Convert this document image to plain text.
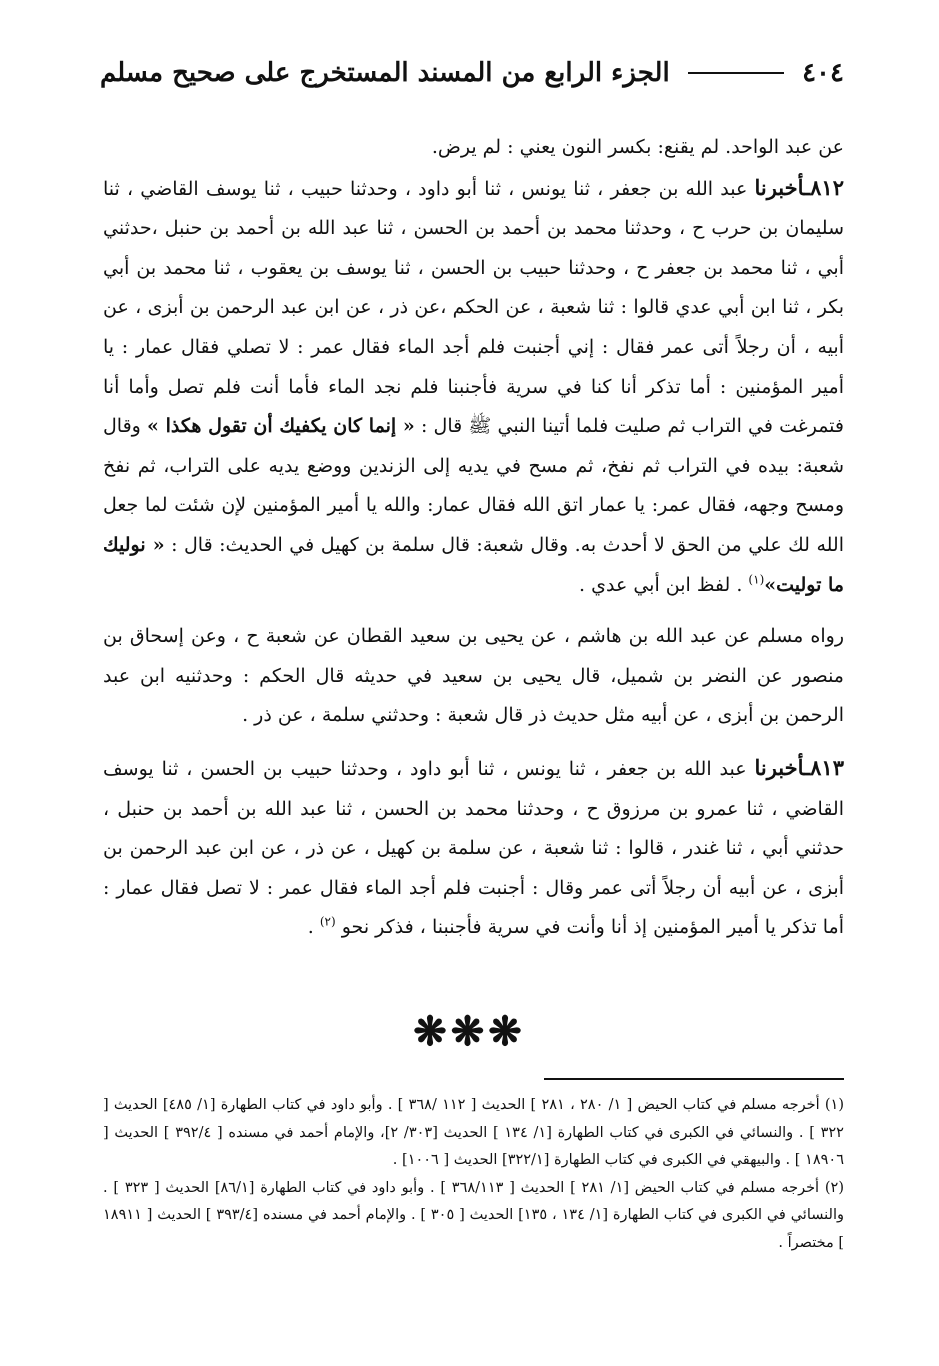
٤٠٤
الجزء الرابع من المسند المستخرج على صحيح مسلم

عن عبد الواحد. لم يقنع: بكسر النون يعني : لم يرض.

٨١٢ـأخبرنا عبد الله بن جعفر ، ثنا يونس ، ثنا أبو داود ، وحدثنا حبيب ، ثنا يوسف القاضي ، ثنا سليمان بن حرب ح ، وحدثنا محمد بن أحمد بن الحسن ، ثنا عبد الله بن أحمد بن حنبل ،حدثني أبي ، ثنا محمد بن جعفر ح ، وحدثنا حبيب بن الحسن ، ثنا يوسف بن يعقوب ، ثنا محمد بن أبي بكر ، ثنا ابن أبي عدي قالوا : ثنا شعبة ، عن الحكم ،عن ذر ، عن ابن عبد الرحمن بن أبزى ، عن أبيه ، أن رجلاً أتى عمر فقال : إني أجنبت فلم أجد الماء فقال عمر : لا تصلي فقال عمار : يا أمير المؤمنين : أما تذكر أنا كنا في سرية فأجنبنا فلم نجد الماء فأما أنت فلم تصل وأما أنا فتمرغت في التراب ثم صليت فلما أتينا النبي ﷺ قال : « إنما كان يكفيك أن تقول هكذا » وقال شعبة: بيده في التراب ثم نفخ، ثم مسح في يديه إلى الزندين ووضع يديه على التراب، ثم نفخ ومسح وجهه، فقال عمر: يا عمار اتق الله فقال عمار: والله يا أمير المؤمنين لإن شئت لما جعل الله لك علي من الحق لا أحدث به. وقال شعبة: قال سلمة بن كهيل في الحديث: قال : « نوليك ما توليت»$^{(١)}$ . لفظ ابن أبي عدي .

رواه مسلم عن عبد الله بن هاشم ، عن يحيى بن سعيد القطان عن شعبة ح ، وعن إسحاق بن منصور عن النضر بن شميل، قال يحيى بن سعيد في حديثه قال الحكم : وحدثنيه ابن عبد الرحمن بن أبزى ، عن أبيه مثل حديث ذر قال شعبة : وحدثني سلمة ، عن ذر .

٨١٣ـأخبرنا عبد الله بن جعفر ، ثنا يونس ، ثنا أبو داود ، وحدثنا حبيب بن الحسن ، ثنا يوسف القاضي ، ثنا عمرو بن مرزوق ح ، وحدثنا محمد بن الحسن ، ثنا عبد الله بن أحمد بن حنبل ، حدثني أبي ، ثنا غندر ، قالوا : ثنا شعبة ، عن سلمة بن كهيل ، عن ذر ، عن ابن عبد الرحمن بن أبزى ، عن أبيه أن رجلاً أتى عمر وقال : أجنبت فلم أجد الماء فقال عمر : لا تصل فقال عمار : أما تذكر يا أمير المؤمنين إذ أنا وأنت في سرية فأجنبنا ، فذكر نحو $^{(٢)}$ .

❋❋❋

(١) أخرجه مسلم في كتاب الحيض [ ١/ ٢٨٠ ، ٢٨١ ] الحديث [ ١١٢ /٣٦٨ ] . وأبو داود في كتاب الطهارة [١/ ٤٨٥] الحديث [ ٣٢٢ ] . والنسائي في الكبرى في كتاب الطهارة [١/ ١٣٤ ] الحديث [٣٠٣/ ٢]، والإمام أحمد في مسنده [ ٣٩٢/٤ ] الحديث [ ١٨٩٠٦ ] . والبيهقي في الكبرى في كتاب الطهارة [٣٢٢/١] الحديث [ ١٠٠٦] .

(٢) أخرجه مسلم في كتاب الحيض [١/ ٢٨١ ] الحديث [ ٣٦٨/١١٣ ] . وأبو داود في كتاب الطهارة [٨٦/١] الحديث [ ٣٢٣ ] . والنسائي في الكبرى في كتاب الطهارة [١/ ١٣٤ ، ١٣٥] الحديث [ ٣٠٥ ] . والإمام أحمد في مسنده [٣٩٣/٤ ] الحديث [ ١٨٩١١ ] مختصراً .
